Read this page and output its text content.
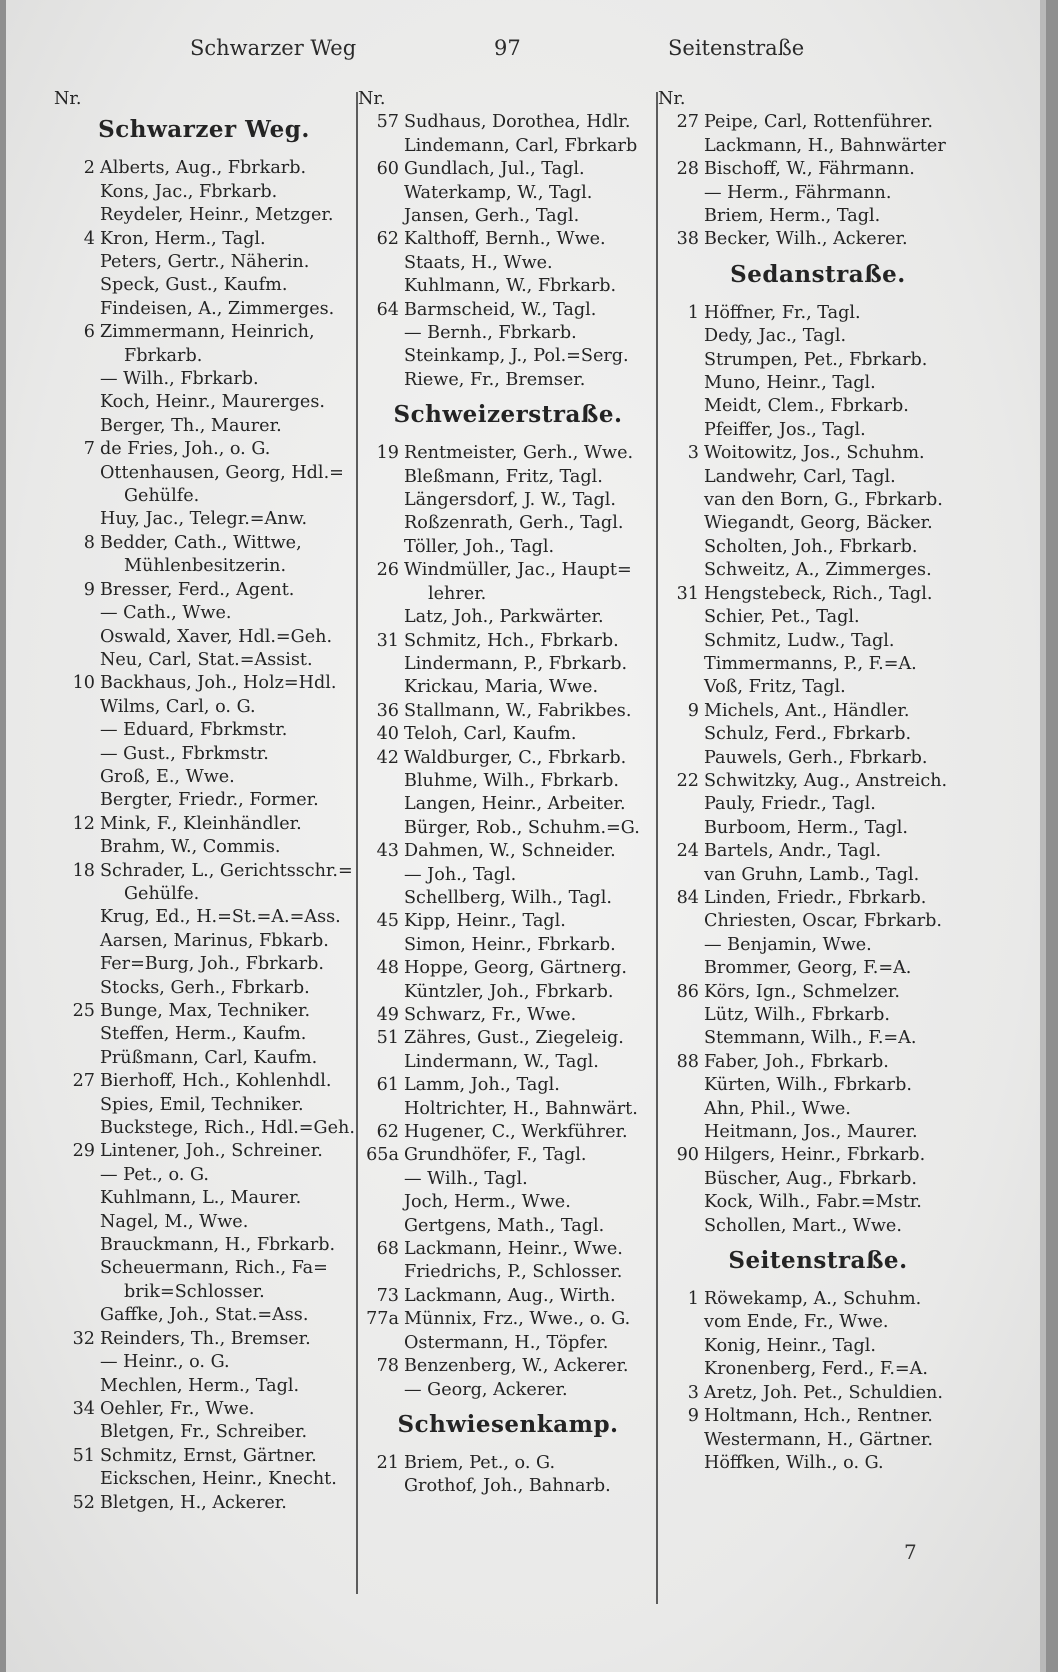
Schwarzer Weg	97	Seitenstraße
Nr.
Schwarzer Weg.
2 Alberts, Aug., Fbrkarb.
Kons, Jac., Fbrkarb.
Reydeler, Heinr., Metzger.
4 Kron, Herm., Tagl.
Peters, Gertr., Näherin.
Speck, Gust., Kaufm.
Findeisen, A., Zimmerges.
6 Zimmermann, Heinrich,
Fbrkarb.
— Wilh., Fbrkarb.
Koch, Heinr., Maurerges.
Berger, Th., Maurer.
7 de Fries, Joh., o. G.
Ottenhausen, Georg, Hdl.=
Gehülfe.
Huy, Jac., Telegr.=Anw.
8 Bedder, Cath., Wittwe,
Mühlenbesitzerin.
9 Bresser, Ferd., Agent.
— Cath., Wwe.
Oswald, Xaver, Hdl.=Geh.
Neu, Carl, Stat.=Assist.
10 Backhaus, Joh., Holz=Hdl.
Wilms, Carl, o. G.
— Eduard, Fbrkmstr.
— Gust., Fbrkmstr.
Groß, E., Wwe.
Bergter, Friedr., Former.
12 Mink, F., Kleinhändler.
Brahm, W., Commis.
18 Schrader, L., Gerichtsschr.=
Gehülfe.
Krug, Ed., H.=St.=A.=Ass.
Aarsen, Marinus, Fbkarb.
Fer=Burg, Joh., Fbrkarb.
Stocks, Gerh., Fbrkarb.
25 Bunge, Max, Techniker.
Steffen, Herm., Kaufm.
Prüßmann, Carl, Kaufm.
27 Bierhoff, Hch., Kohlenhdl.
Spies, Emil, Techniker.
Buckstege, Rich., Hdl.=Geh.
29 Lintener, Joh., Schreiner.
— Pet., o. G.
Kuhlmann, L., Maurer.
Nagel, M., Wwe.
Brauckmann, H., Fbrkarb.
Scheuermann, Rich., Fa=
brik=Schlosser.
Gaffke, Joh., Stat.=Ass.
32 Reinders, Th., Bremser.
— Heinr., o. G.
Mechlen, Herm., Tagl.
34 Oehler, Fr., Wwe.
Bletgen, Fr., Schreiber.
51 Schmitz, Ernst, Gärtner.
Eickschen, Heinr., Knecht.
52 Bletgen, H., Ackerer.
Nr.
57 Sudhaus, Dorothea, Hdlr.
Lindemann, Carl, Fbrkarb
60 Gundlach, Jul., Tagl.
Waterkamp, W., Tagl.
Jansen, Gerh., Tagl.
62 Kalthoff, Bernh., Wwe.
Staats, H., Wwe.
Kuhlmann, W., Fbrkarb.
64 Barmscheid, W., Tagl.
— Bernh., Fbrkarb.
Steinkamp, J., Pol.=Serg.
Riewe, Fr., Bremser.
Schweizerstraße.
19 Rentmeister, Gerh., Wwe.
Bleßmann, Fritz, Tagl.
Längersdorf, J. W., Tagl.
Roßzenrath, Gerh., Tagl.
Töller, Joh., Tagl.
26 Windmüller, Jac., Haupt=
lehrer.
Latz, Joh., Parkwärter.
31 Schmitz, Hch., Fbrkarb.
Lindermann, P., Fbrkarb.
Krickau, Maria, Wwe.
36 Stallmann, W., Fabrikbes.
40 Teloh, Carl, Kaufm.
42 Waldburger, C., Fbrkarb.
Bluhme, Wilh., Fbrkarb.
Langen, Heinr., Arbeiter.
Bürger, Rob., Schuhm.=G.
43 Dahmen, W., Schneider.
— Joh., Tagl.
Schellberg, Wilh., Tagl.
45 Kipp, Heinr., Tagl.
Simon, Heinr., Fbrkarb.
48 Hoppe, Georg, Gärtnerg.
Küntzler, Joh., Fbrkarb.
49 Schwarz, Fr., Wwe.
51 Zähres, Gust., Ziegeleig.
Lindermann, W., Tagl.
61 Lamm, Joh., Tagl.
Holtrichter, H., Bahnwärt.
62 Hugener, C., Werkführer.
65a Grundhöfer, F., Tagl.
— Wilh., Tagl.
Joch, Herm., Wwe.
Gertgens, Math., Tagl.
68 Lackmann, Heinr., Wwe.
Friedrichs, P., Schlosser.
73 Lackmann, Aug., Wirth.
77a Münnix, Frz., Wwe., o. G.
Ostermann, H., Töpfer.
78 Benzenberg, W., Ackerer.
— Georg, Ackerer.
Schwiesenkamp.
21 Briem, Pet., o. G.
Grothof, Joh., Bahnarb.
Nr.
27 Peipe, Carl, Rottenführer.
Lackmann, H., Bahnwärter
28 Bischoff, W., Fährmann.
— Herm., Fährmann.
Briem, Herm., Tagl.
38 Becker, Wilh., Ackerer.
Sedanstraße.
1 Höffner, Fr., Tagl.
Dedy, Jac., Tagl.
Strumpen, Pet., Fbrkarb.
Muno, Heinr., Tagl.
Meidt, Clem., Fbrkarb.
Pfeiffer, Jos., Tagl.
3 Woitowitz, Jos., Schuhm.
Landwehr, Carl, Tagl.
van den Born, G., Fbrkarb.
Wiegandt, Georg, Bäcker.
Scholten, Joh., Fbrkarb.
Schweitz, A., Zimmerges.
31 Hengstebeck, Rich., Tagl.
Schier, Pet., Tagl.
Schmitz, Ludw., Tagl.
Timmermanns, P., F.=A.
Voß, Fritz, Tagl.
9 Michels, Ant., Händler.
Schulz, Ferd., Fbrkarb.
Pauwels, Gerh., Fbrkarb.
22 Schwitzky, Aug., Anstreich.
Pauly, Friedr., Tagl.
Burboom, Herm., Tagl.
24 Bartels, Andr., Tagl.
van Gruhn, Lamb., Tagl.
84 Linden, Friedr., Fbrkarb.
Chriesten, Oscar, Fbrkarb.
— Benjamin, Wwe.
Brommer, Georg, F.=A.
86 Körs, Ign., Schmelzer.
Lütz, Wilh., Fbrkarb.
Stemmann, Wilh., F.=A.
88 Faber, Joh., Fbrkarb.
Kürten, Wilh., Fbrkarb.
Ahn, Phil., Wwe.
Heitmann, Jos., Maurer.
90 Hilgers, Heinr., Fbrkarb.
Büscher, Aug., Fbrkarb.
Kock, Wilh., Fabr.=Mstr.
Schollen, Mart., Wwe.
Seitenstraße.
1 Röwekamp, A., Schuhm.
vom Ende, Fr., Wwe.
Konig, Heinr., Tagl.
Kronenberg, Ferd., F.=A.
3 Aretz, Joh. Pet., Schuldien.
9 Holtmann, Hch., Rentner.
Westermann, H., Gärtner.
Höffken, Wilh., o. G.
7
